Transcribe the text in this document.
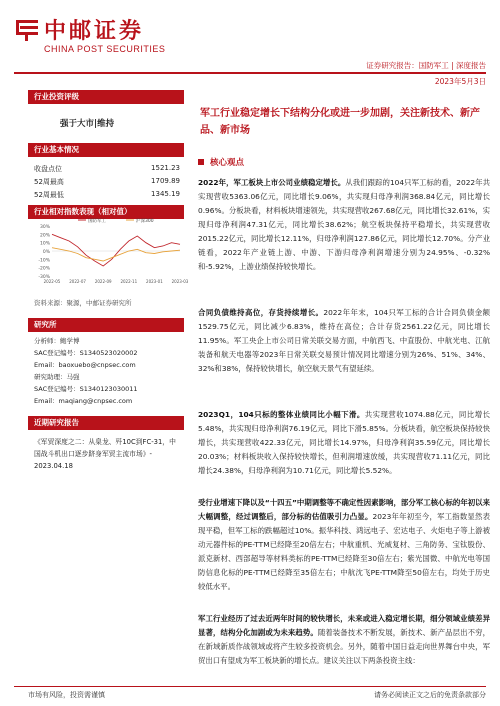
中邮证券
CHINA POST SECURITIES
证券研究报告：国防军工 | 深度报告
2023年5月3日
行业投资评级
强于大市|维持
行业基本情况
收盘点位	1521.23
52周最高	1709.89
52周最低	1345.19
行业相对指数表现（相对值）
30%
20%
10%
0%
-10%
-20%
-30%
2022-05 2022-07 2022-09 2022-11 2023-01 2023-03
国防军工	沪深300
资料来源：聚源，中邮证券研究所
研究所
分析师：鲍学博
SAC登记编号：S1340523020002
Email：baoxuebo@cnpsec.com
研究助理：马强
SAC登记编号：S1340123030011
Email：maqiang@cnpsec.com
近期研究报告
《军贸深度之二：从臬龙、歼10C到FC-31，中国战斗机出口逐步跻身军贸主流市场》- 2023.04.18
军工行业稳定增长下结构分化或进一步加剧，关注新技术、新产品、新市场
核心观点
2022年，军工板块上市公司业绩稳定增长。从我们跟踪的104只军工标的看，2022年共实现营收5363.06亿元，同比增长9.06%，共实现归母净利润368.84亿元，同比增长0.96%。分板块看，材料板块增速领先，共实现营收267.68亿元，同比增长32.61%，实现归母净利润47.31亿元，同比增长38.62%；航空板块保持平稳增长，共实现营收2015.22亿元，同比增长12.11%，归母净利润127.86亿元，同比增长12.70%。分产业链看，2022年产业链上游、中游、下游归母净利润增速分别为24.95%、-0.32%和-5.92%，上游业绩保持较快增长。
合同负债维持高位，存货持续增长。2022年年末，104只军工标的合计合同负债金额1529.75亿元，同比减少6.83%，维持在高位；合计存货2561.22亿元，同比增长11.95%。军工央企上市公司日常关联交易方面，中航西飞、中直股份、中航光电、江航装备和航天电器等2023年日常关联交易预计情况同比增速分别为26%、51%、34%、32%和38%，保持较快增长，航空航天景气有望延续。
2023Q1，104只标的整体业绩同比小幅下滑。共实现营收1074.88亿元，同比增长5.48%，共实现归母净利润76.19亿元，同比下滑5.85%。分板块看，航空板块保持较快增长，共实现营收422.33亿元，同比增长14.97%，归母净利润35.59亿元，同比增长20.03%；材料板块收入保持较快增长，但利润增速放缓，共实现营收71.11亿元，同比增长24.38%，归母净利润为10.71亿元，同比增长5.52%。
受行业增速下降以及“十四五”中期调整等不确定性因素影响，部分军工核心标的年初以来大幅调整，经过调整后，部分标的估值吸引力凸显。2023年年初至今，军工指数显然表现平稳，但军工标的跌幅超过10%。振华科技、鸿远电子、宏达电子、火炬电子等上游被动元器件标的PE-TTM已经降至20倍左右；中航重机、光威复材、三角防务、宝钛股份、派克新材、西部超导等材料类标的PE-TTM已经降至30倍左右；紫光国微、中航光电等国防信息化标的PE-TTM已经降至35倍左右；中航沈飞PE-TTM降至50倍左右，均处于历史较低水平。
军工行业经历了过去近两年时间的较快增长，未来或进入稳定增长期，细分领域业绩差异显著，结构分化加剧或为未来趋势。随着装备技术不断发展，新技术、新产品层出不穷，在新域新质作战领域或将产生较多投资机会。另外，随着中国日益走向世界舞台中央，军贸出口有望成为军工板块新的增长点。建议关注以下两条投资主线：
市场有风险，投资需谨慎	请务必阅读正文之后的免责条款部分
